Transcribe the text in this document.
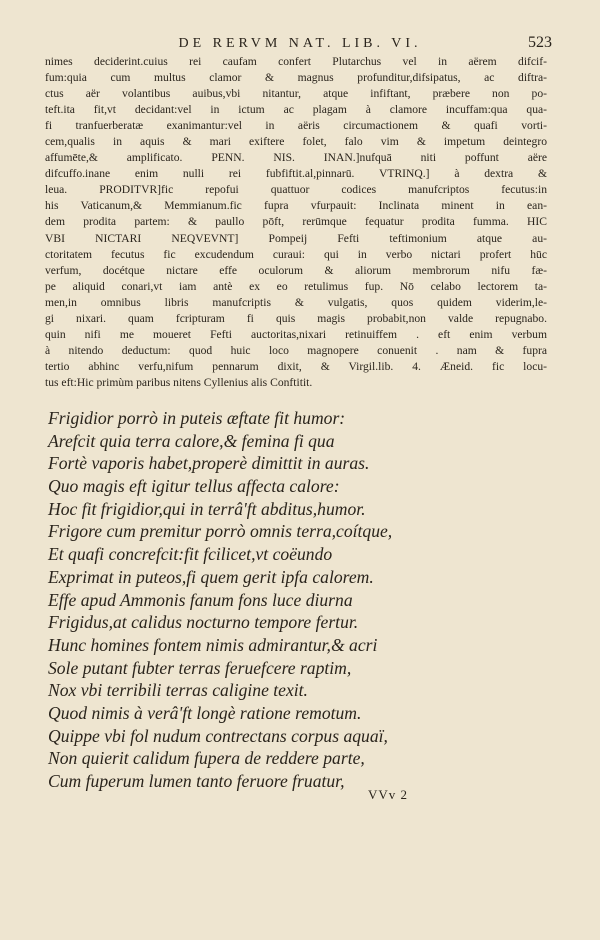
DE RERVM NAT. LIB. VI.	523
nimes deciderint.cuius rei caufam confert Plutarchus vel in aërem difcif-
fum:quia cum multus clamor & magnus profunditur,difsipatus, ac diftra-
ctus aër volantibus auibus,vbi nitantur, atque infiftant, præbere non po-
teft.ita fit,vt decidant:vel in ictum ac plagam à clamore incuffam:qua qua-
fi tranfuerberatæ exanimantur:vel in aëris circumactionem & quafi vorti-
cem,qualis in aquis & mari exiftere folet, falo vim & impetum deintegro
affumēte,& amplificato. PENN. NIS. INAN.]nufquā niti poffunt aëre
difcuffo.inane enim nulli rei fubfiftit.al,pinnarū. VTRINQ.] à dextra &
leua. PRODITVR]fic repofui quattuor codices manufcriptos fecutus:in
his Vaticanum,& Memmianum.fic fupra vfurpauit: Inclinata minent in ean-
dem prodita partem: & paullo pōft, rerūmque fequatur prodita fumma. HIC
VBI NICTARI NEQVEVNT] Pompeij Fefti teftimonium atque au-
ctoritatem fecutus fic excudendum curaui: qui in verbo nictari profert hūc
verfum, docétque nictare effe oculorum & aliorum membrorum nifu fæ-
pe aliquid conari,vt iam antè ex eo retulimus fup. Nō celabo lectorem ta-
men,in omnibus libris manufcriptis & vulgatis, quos quidem viderim,le-
gi nixari. quam fcripturam fi quis magis probabit,non valde repugnabo.
quin nifi me moueret Fefti auctoritas,nixari retinuiffem . eft enim verbum
à nitendo deductum: quod huic loco magnopere conuenit . nam & fupra
tertio abhinc verfu,nifum pennarum dixit, & Virgil.lib. 4. Æneid. fic locu-
tus eft:Hic primùm paribus nitens Cyllenius alis Conftitit.
Frigidior porrò in puteis æftate fit humor:
Arefcit quia terra calore,& femina fi qua
Fortè vaporis habet,properè dimittit in auras.
Quo magis eft igitur tellus affecta calore:
Hoc fit frigidior,qui in terrâ'ft abditus,humor.
Frigore cum premitur porrò omnis terra,coítque,
Et quafi concrefcit:fit fcilicet,vt coëundo
Exprimat in puteos,fi quem gerit ipfa calorem.
Effe apud Ammonis fanum fons luce diurna
Frigidus,at calidus nocturno tempore fertur.
Hunc homines fontem nimis admirantur,& acri
Sole putant fubter terras feruefcere raptim,
Nox vbi terribili terras caligine texit.
Quod nimis à verâ'ft longè ratione remotum.
Quippe vbi fol nudum contrectans corpus aquaï,
Non quierit calidum fupera de reddere parte,
Cum fuperum lumen tanto feruore fruatur,
VVv 2
